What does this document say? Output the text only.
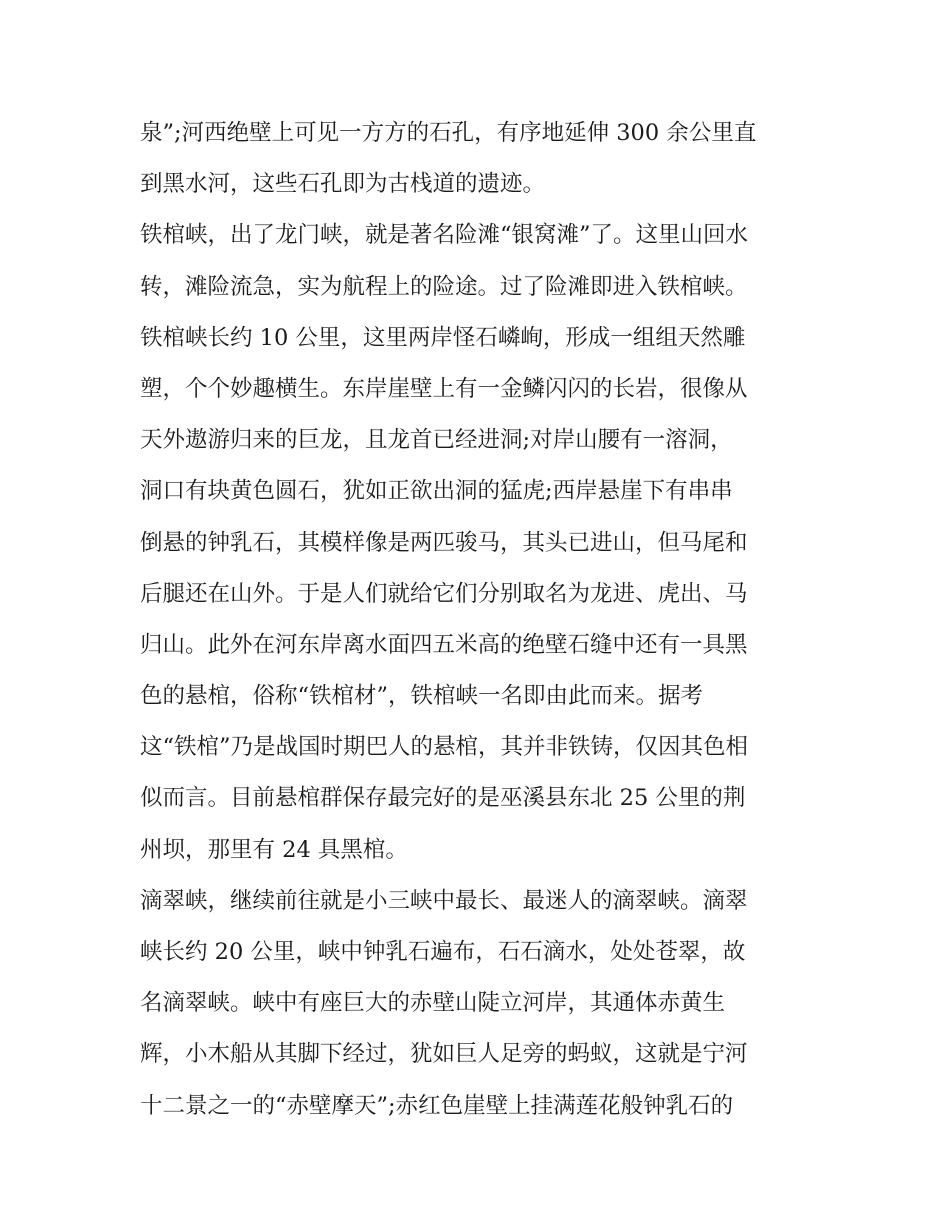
泉”;河西绝壁上可见一方方的石孔，有序地延伸 300 余公里直
到黑水河，这些石孔即为古栈道的遗迹。
铁棺峡，出了龙门峡，就是著名险滩“银窝滩”了。这里山回水
转，滩险流急，实为航程上的险途。过了险滩即进入铁棺峡。
铁棺峡长约 10 公里，这里两岸怪石嶙峋，形成一组组天然雕
塑，个个妙趣横生。东岸崖壁上有一金鳞闪闪的长岩，很像从
天外遨游归来的巨龙，且龙首已经进洞;对岸山腰有一溶洞，
洞口有块黄色圆石，犹如正欲出洞的猛虎;西岸悬崖下有串串
倒悬的钟乳石，其模样像是两匹骏马，其头已进山，但马尾和
后腿还在山外。于是人们就给它们分别取名为龙进、虎出、马
归山。此外在河东岸离水面四五米高的绝壁石缝中还有一具黑
色的悬棺，俗称“铁棺材”，铁棺峡一名即由此而来。据考
这“铁棺”乃是战国时期巴人的悬棺，其并非铁铸，仅因其色相
似而言。目前悬棺群保存最完好的是巫溪县东北 25 公里的荆
州坝，那里有 24 具黑棺。
滴翠峡，继续前往就是小三峡中最长、最迷人的滴翠峡。滴翠
峡长约 20 公里，峡中钟乳石遍布，石石滴水，处处苍翠，故
名滴翠峡。峡中有座巨大的赤壁山陡立河岸，其通体赤黄生
辉，小木船从其脚下经过，犹如巨人足旁的蚂蚁，这就是宁河
十二景之一的“赤壁摩天”;赤红色崖壁上挂满莲花般钟乳石的
